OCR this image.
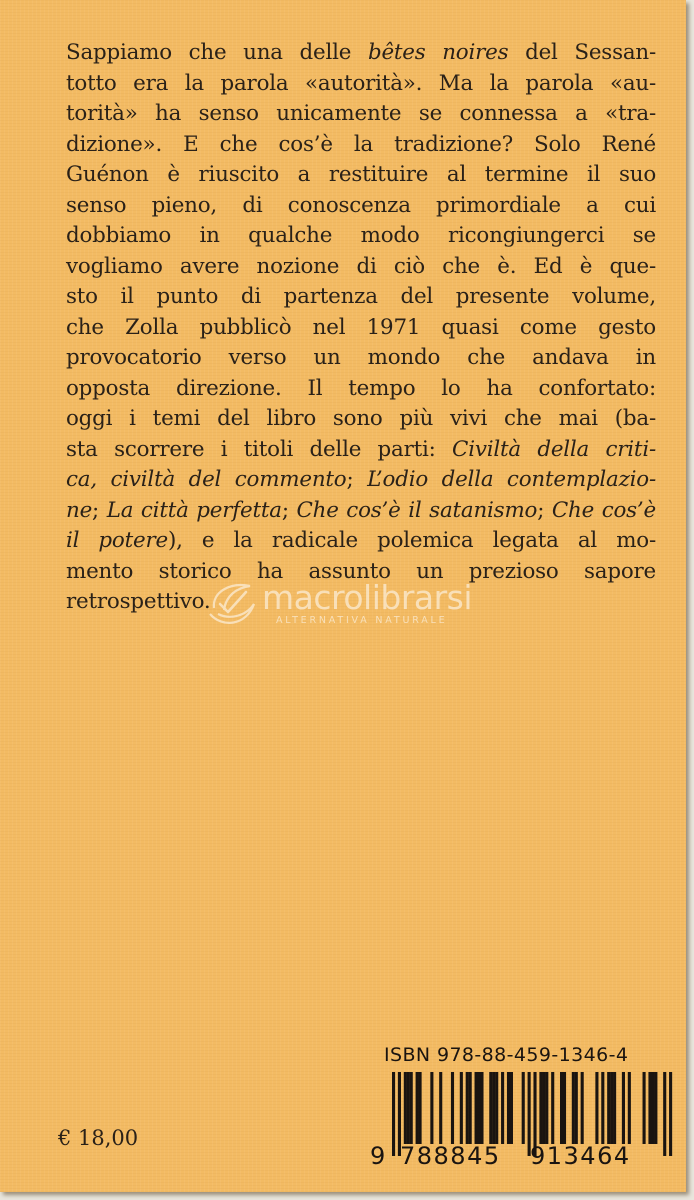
Sappiamo che una delle bêtes noires del Sessan-
totto era la parola «autorità». Ma la parola «au-
torità» ha senso unicamente se connessa a «tra-
dizione». E che cos’è la tradizione? Solo René
Guénon è riuscito a restituire al termine il suo
senso pieno, di conoscenza primordiale a cui
dobbiamo in qualche modo ricongiungerci se
vogliamo avere nozione di ciò che è. Ed è que-
sto il punto di partenza del presente volume,
che Zolla pubblicò nel 1971 quasi come gesto
provocatorio verso un mondo che andava in
opposta direzione. Il tempo lo ha confortato:
oggi i temi del libro sono più vivi che mai (ba-
sta scorrere i titoli delle parti: Civiltà della criti-
ca, civiltà del commento; L’odio della contemplazio-
ne; La città perfetta; Che cos’è il satanismo; Che cos’è
il potere), e la radicale polemica legata al mo-
mento storico ha assunto un prezioso sapore
retrospettivo.	macrolibrarsi
ALTERNATIVA NATURALE
€ 18,00
ISBN 978-88-459-1346-4
9 788845 913464
